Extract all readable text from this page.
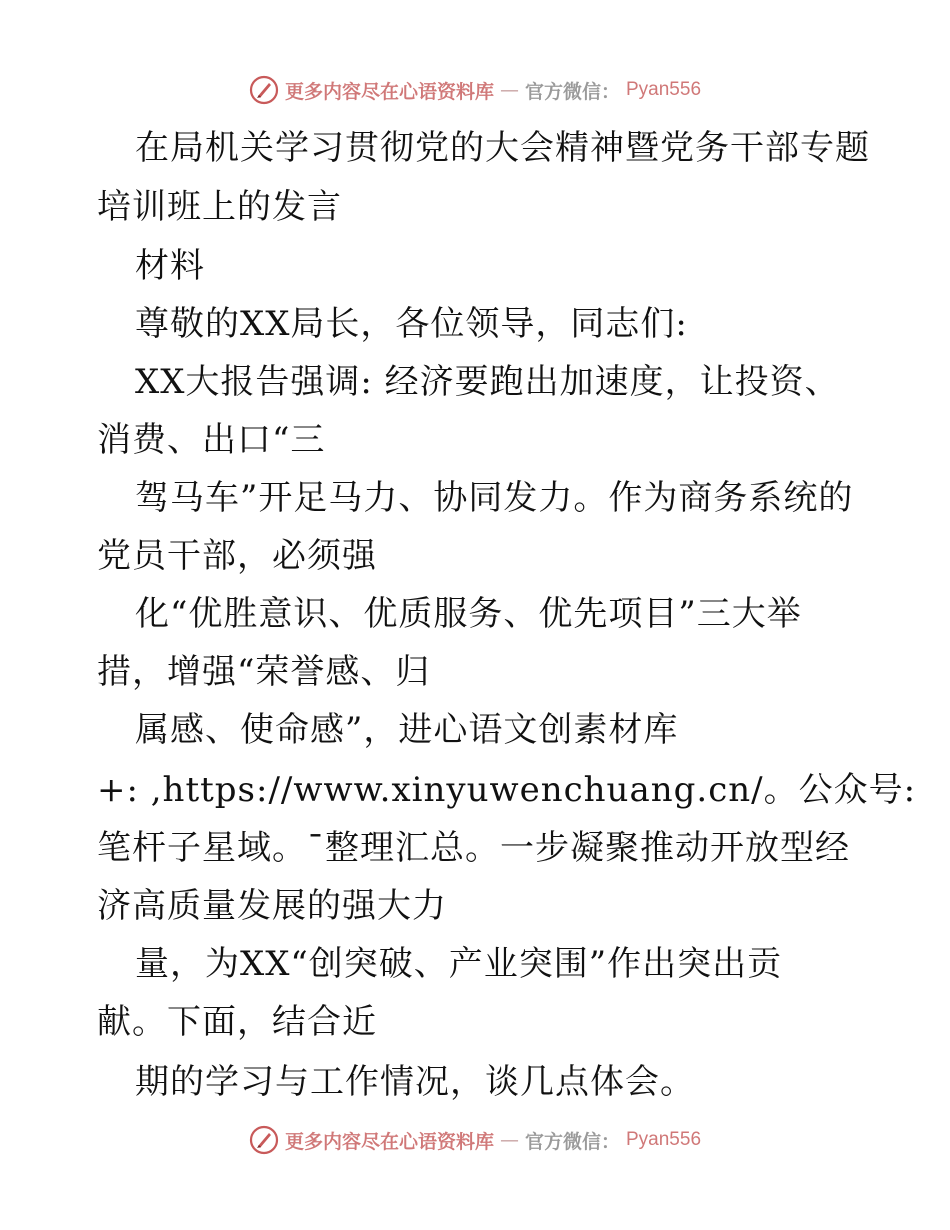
更多内容尽在心语资料库 — 官方微信： Pyan556
在局机关学习贯彻党的大会精神暨党务干部专题
培训班上的发言
材料
尊敬的XX局长，各位领导，同志们:
XX大报告强调: 经济要跑出加速度，让投资、
消费、出口“三
驾马车”开足马力、协同发力。作为商务系统的
党员干部，必须强
化“优胜意识、优质服务、优先项目”三大举
措，增强“荣誉感、归
属感、使命感”，进心语文创素材库
+: ,https://www.xinyuwenchuang.cn/。公众号:
笔杆子星域。¯整理汇总。一步凝聚推动开放型经
济高质量发展的强大力
量，为XX“创突破、产业突围”作出突出贡
献。下面，结合近
期的学习与工作情况，谈几点体会。
更多内容尽在心语资料库 — 官方微信： Pyan556
